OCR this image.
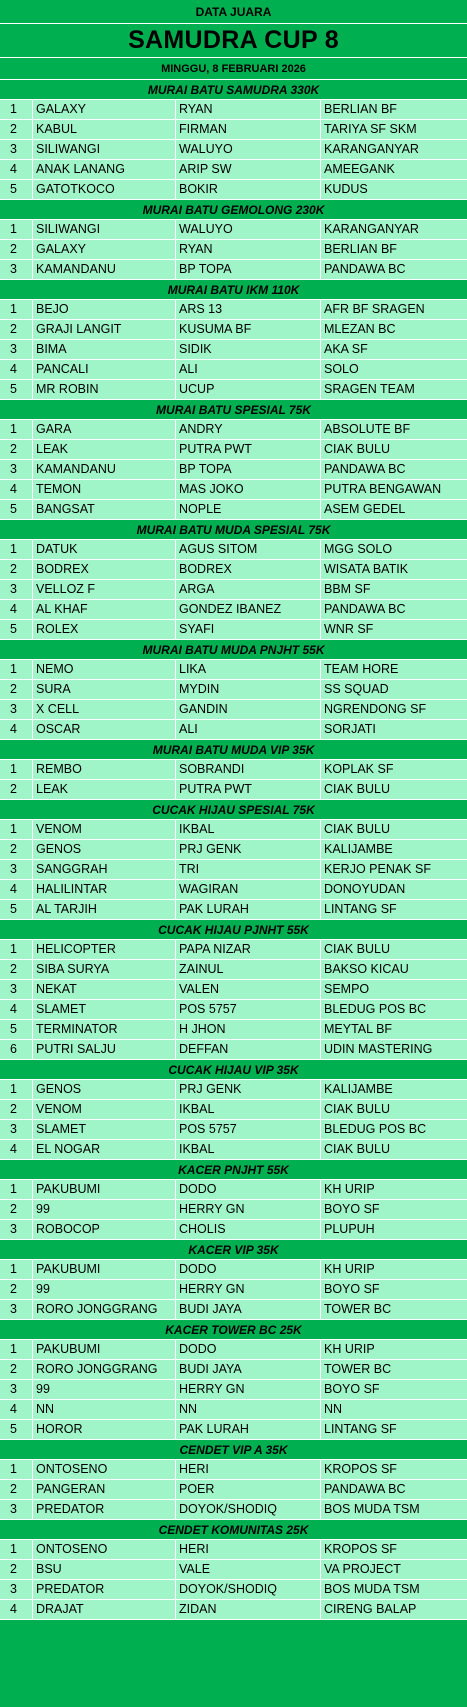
DATA JUARA
SAMUDRA CUP 8
MINGGU, 8 FEBRUARI 2026
MURAI BATU SAMUDRA 330K
1	GALAXY	RYAN	BERLIAN BF
2	KABUL	FIRMAN	TARIYA SF SKM
3	SILIWANGI	WALUYO	KARANGANYAR
4	ANAK LANANG	ARIP SW	AMEEGANK
5	GATOTKOCO	BOKIR	KUDUS
MURAI BATU GEMOLONG 230K
1	SILIWANGI	WALUYO	KARANGANYAR
2	GALAXY	RYAN	BERLIAN BF
3	KAMANDANU	BP TOPA	PANDAWA BC
MURAI BATU IKM 110K
1	BEJO	ARS 13	AFR BF SRAGEN
2	GRAJI LANGIT	KUSUMA BF	MLEZAN BC
3	BIMA	SIDIK	AKA SF
4	PANCALI	ALI	SOLO
5	MR ROBIN	UCUP	SRAGEN TEAM
MURAI BATU SPESIAL 75K
1	GARA	ANDRY	ABSOLUTE BF
2	LEAK	PUTRA PWT	CIAK BULU
3	KAMANDANU	BP TOPA	PANDAWA BC
4	TEMON	MAS JOKO	PUTRA BENGAWAN
5	BANGSAT	NOPLE	ASEM GEDEL
MURAI BATU MUDA SPESIAL 75K
1	DATUK	AGUS SITOM	MGG SOLO
2	BODREX	BODREX	WISATA BATIK
3	VELLOZ F	ARGA	BBM SF
4	AL KHAF	GONDEZ IBANEZ	PANDAWA BC
5	ROLEX	SYAFI	WNR SF
MURAI BATU MUDA PNJHT 55K
1	NEMO	LIKA	TEAM HORE
2	SURA	MYDIN	SS SQUAD
3	X CELL	GANDIN	NGRENDONG SF
4	OSCAR	ALI	SORJATI
MURAI BATU MUDA VIP 35K
1	REMBO	SOBRANDI	KOPLAK SF
2	LEAK	PUTRA PWT	CIAK BULU
CUCAK HIJAU SPESIAL 75K
1	VENOM	IKBAL	CIAK BULU
2	GENOS	PRJ GENK	KALIJAMBE
3	SANGGRAH	TRI	KERJO PENAK SF
4	HALILINTAR	WAGIRAN	DONOYUDAN
5	AL TARJIH	PAK LURAH	LINTANG SF
CUCAK HIJAU PJNHT 55K
1	HELICOPTER	PAPA NIZAR	CIAK BULU
2	SIBA SURYA	ZAINUL	BAKSO KICAU
3	NEKAT	VALEN	SEMPO
4	SLAMET	POS 5757	BLEDUG POS BC
5	TERMINATOR	H JHON	MEYTAL BF
6	PUTRI SALJU	DEFFAN	UDIN MASTERING
CUCAK HIJAU VIP 35K
1	GENOS	PRJ GENK	KALIJAMBE
2	VENOM	IKBAL	CIAK BULU
3	SLAMET	POS 5757	BLEDUG POS BC
4	EL NOGAR	IKBAL	CIAK BULU
KACER PNJHT 55K
1	PAKUBUMI	DODO	KH URIP
2	99	HERRY GN	BOYO SF
3	ROBOCOP	CHOLIS	PLUPUH
KACER VIP 35K
1	PAKUBUMI	DODO	KH URIP
2	99	HERRY GN	BOYO SF
3	RORO JONGGRANG	BUDI JAYA	TOWER BC
KACER TOWER BC 25K
1	PAKUBUMI	DODO	KH URIP
2	RORO JONGGRANG	BUDI JAYA	TOWER BC
3	99	HERRY GN	BOYO SF
4	NN	NN	NN
5	HOROR	PAK LURAH	LINTANG SF
CENDET VIP A 35K
1	ONTOSENO	HERI	KROPOS SF
2	PANGERAN	POER	PANDAWA BC
3	PREDATOR	DOYOK/SHODIQ	BOS MUDA TSM
CENDET KOMUNITAS 25K
1	ONTOSENO	HERI	KROPOS SF
2	BSU	VALE	VA PROJECT
3	PREDATOR	DOYOK/SHODIQ	BOS MUDA TSM
4	DRAJAT	ZIDAN	CIRENG BALAP
